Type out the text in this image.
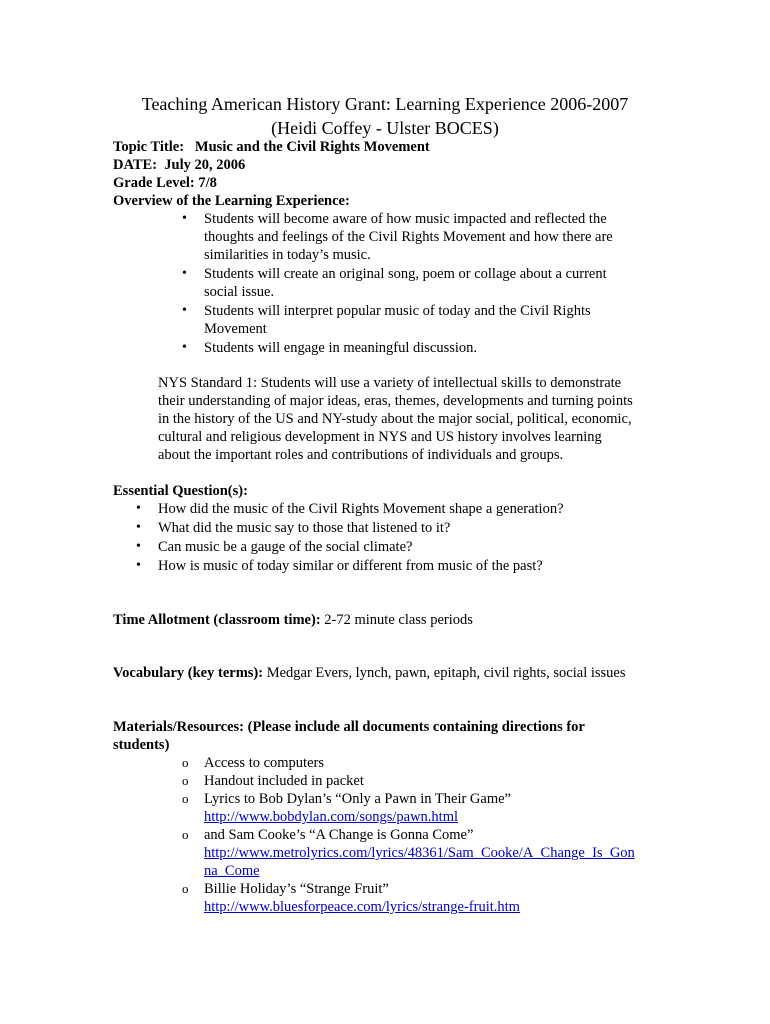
Teaching American History Grant: Learning Experience 2006-2007
(Heidi Coffey - Ulster BOCES)
Topic Title: Music and the Civil Rights Movement
DATE: July 20, 2006
Grade Level: 7/8
Overview of the Learning Experience:
• Students will become aware of how music impacted and reflected the
thoughts and feelings of the Civil Rights Movement and how there are
similarities in today’s music.
• Students will create an original song, poem or collage about a current
social issue.
• Students will interpret popular music of today and the Civil Rights
Movement
• Students will engage in meaningful discussion.
NYS Standard 1: Students will use a variety of intellectual skills to demonstrate
their understanding of major ideas, eras, themes, developments and turning points
in the history of the US and NY-study about the major social, political, economic,
cultural and religious development in NYS and US history involves learning
about the important roles and contributions of individuals and groups.
Essential Question(s):
• How did the music of the Civil Rights Movement shape a generation?
• What did the music say to those that listened to it?
• Can music be a gauge of the social climate?
• How is music of today similar or different from music of the past?
Time Allotment (classroom time): 2-72 minute class periods
Vocabulary (key terms): Medgar Evers, lynch, pawn, epitaph, civil rights, social issues
Materials/Resources: (Please include all documents containing directions for
students)
o Access to computers
o Handout included in packet
o Lyrics to Bob Dylan’s “Only a Pawn in Their Game”
http://www.bobdylan.com/songs/pawn.html
o and Sam Cooke’s “A Change is Gonna Come”
http://www.metrolyrics.com/lyrics/48361/Sam_Cooke/A_Change_Is_Gon
na_Come
o Billie Holiday’s “Strange Fruit”
http://www.bluesforpeace.com/lyrics/strange-fruit.htm
